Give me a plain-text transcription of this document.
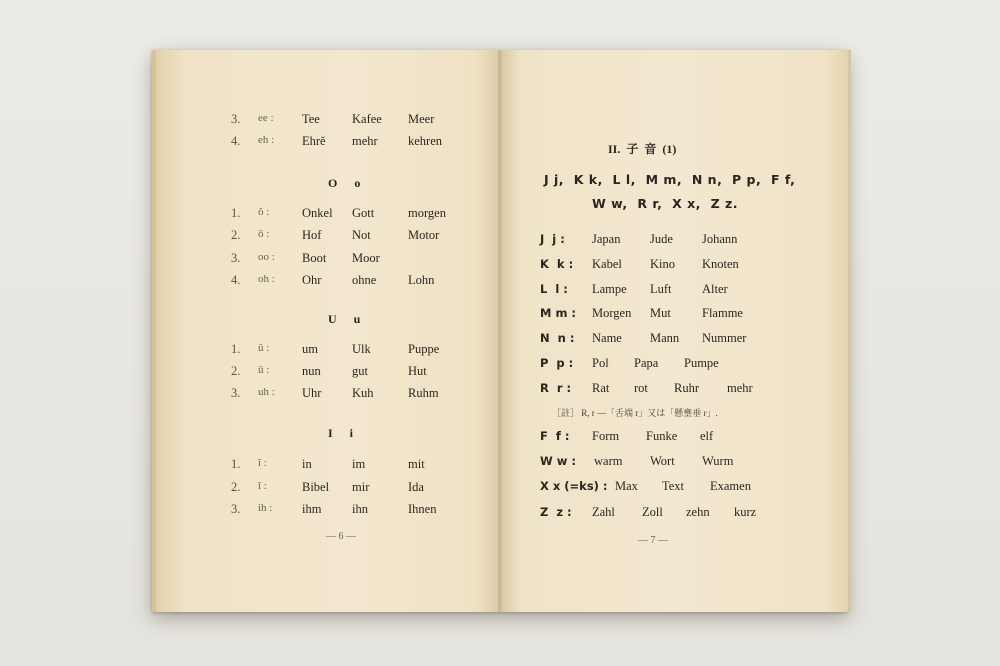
3. ee : Tee	Kafee Meer
4. eh : Ehrě mehr kehren
O    o
1. ŏ :	Onkel Gott	morgen
2. ō :	Hof Not	Motor
3. oo : Boot Moor
4. oh : Ohr ohne	Lohn
U    u
1. ŭ :	um	Ulk	Puppe
2. ū :	nun	gut	Hut
3. uh : Uhr Kuh	Ruhm
I    i
1. ĭ :	in	im	mit
2. ī :	Bibel mir	Ida
3. ih : ihm ihn	Ihnen
— 6 —
II.  子  音  (1)
J j,  K k,  L l,  M m,  N n,  P p,  F f,
W w,  R r,  X x,  Z z.
J  j : Japan Jude Johann
K  k : Kabel Kino Knoten
L  l : Lampe Luft Alter
M m : Morgen Mut Flamme
N  n : Name Mann Nummer
P  p : Pol Papa Pumpe
R  r : Rat rot Ruhr mehr
［註］ R, r —「舌端 r」又は「懸壅垂 r」.
F  f : Form Funke elf
W w : warm Wort Wurm
X x (=ks) : Max Text Examen
Z  z : Zahl Zoll zehn kurz
— 7 —
